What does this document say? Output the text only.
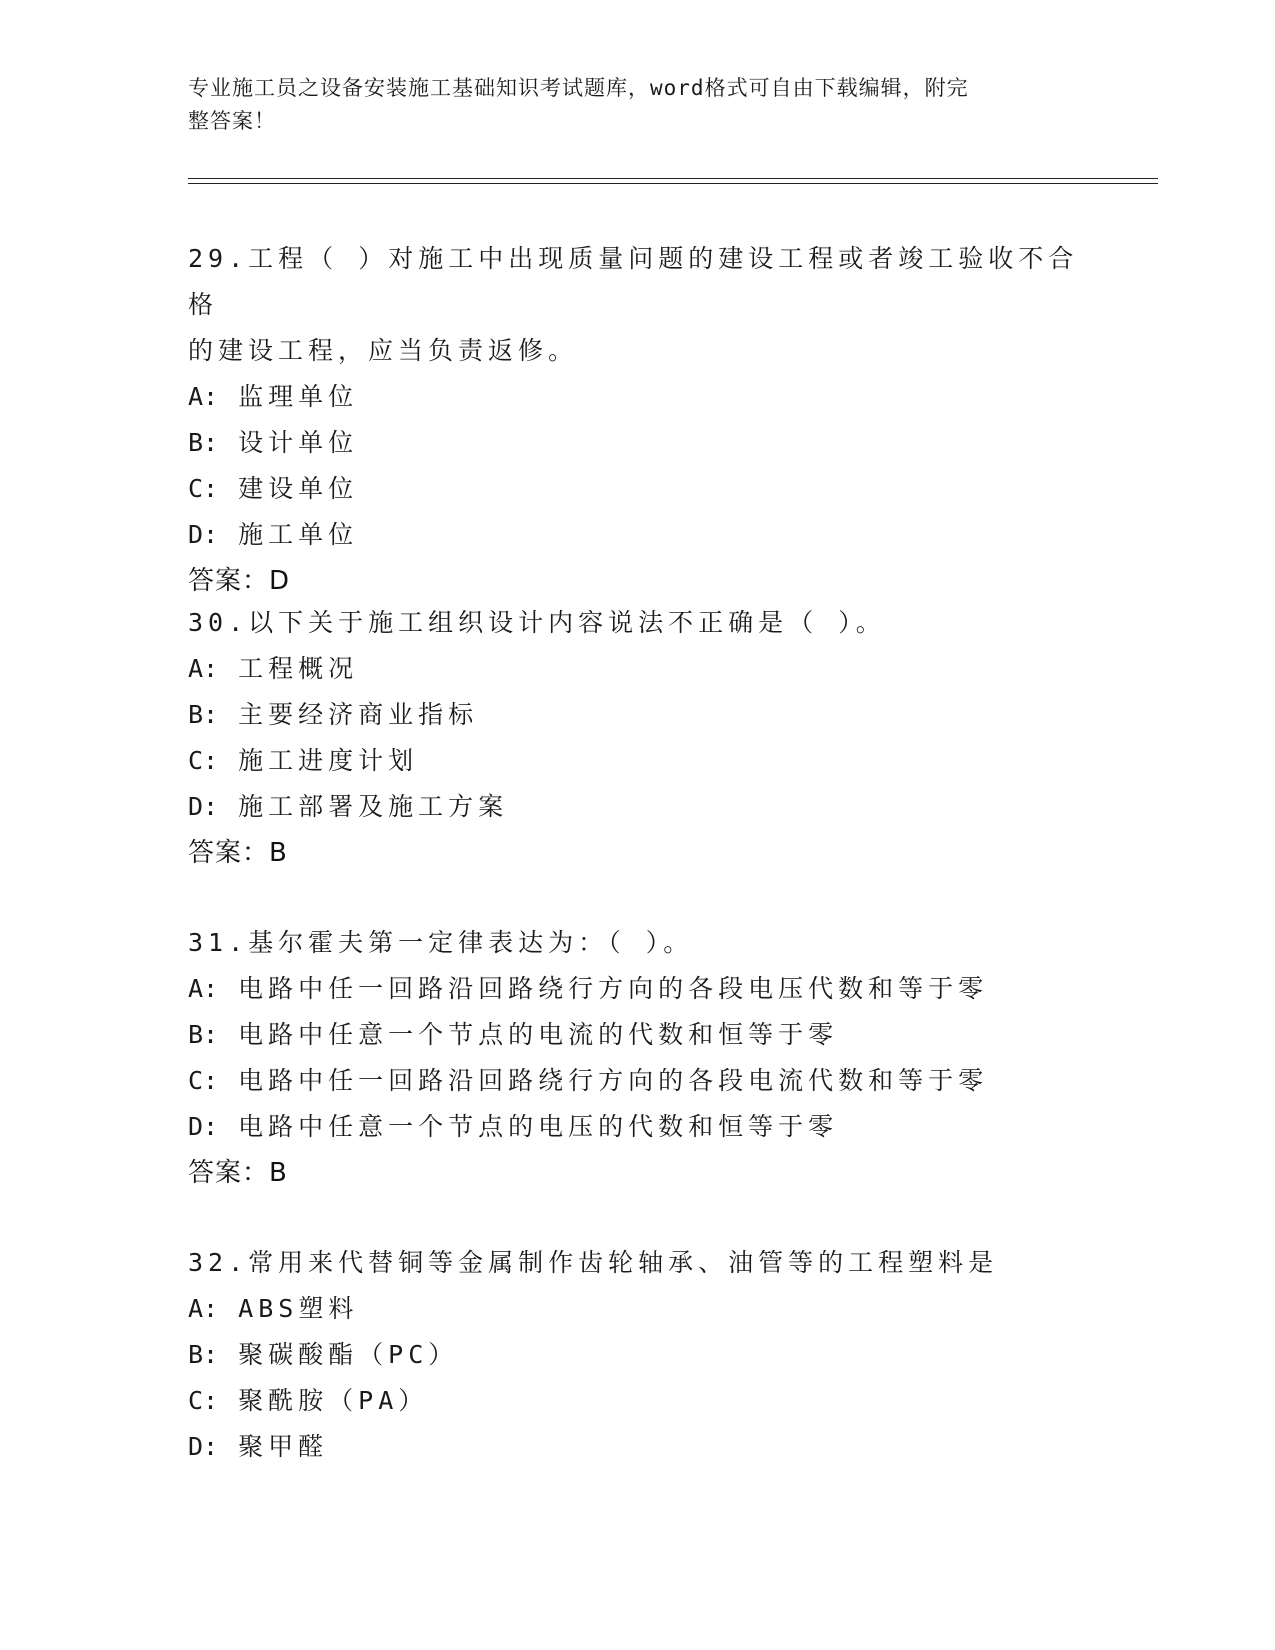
专业施工员之设备安装施工基础知识考试题库，word格式可自由下载编辑，附完
整答案！

29.工程（ ）对施工中出现质量问题的建设工程或者竣工验收不合格

的建设工程，应当负责返修。

A: 监理单位

B: 设计单位

C: 建设单位

D: 施工单位

答案：D

30.以下关于施工组织设计内容说法不正确是（ ）。

A: 工程概况

B: 主要经济商业指标

C: 施工进度计划

D: 施工部署及施工方案

答案：B

31.基尔霍夫第一定律表达为：（ ）。

A: 电路中任一回路沿回路绕行方向的各段电压代数和等于零

B: 电路中任意一个节点的电流的代数和恒等于零

C: 电路中任一回路沿回路绕行方向的各段电流代数和等于零

D: 电路中任意一个节点的电压的代数和恒等于零

答案：B

32.常用来代替铜等金属制作齿轮轴承、油管等的工程塑料是

A: ABS塑料

B: 聚碳酸酯（PC）

C: 聚酰胺（PA）

D: 聚甲醛
